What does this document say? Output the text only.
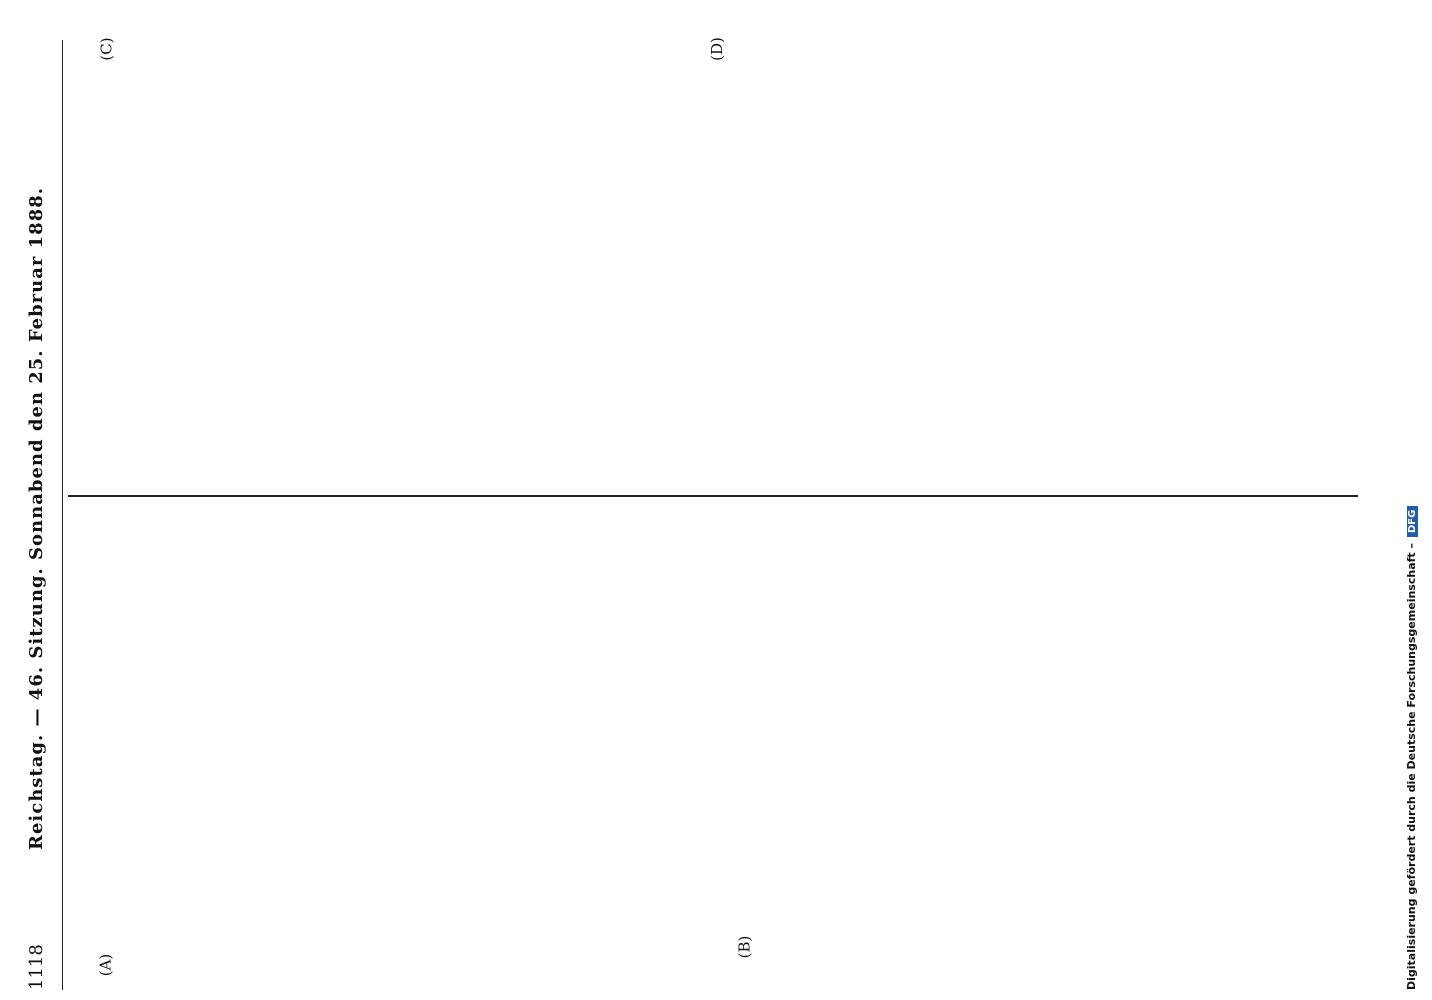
1118
Reichstag. — 46. Sitzung. Sonnabend den 25. Februar 1888.
(A)
(B)
(C)	(D)
Digitalisierung gefördert durch die Deutsche Forschungsgemeinschaft –DFG
